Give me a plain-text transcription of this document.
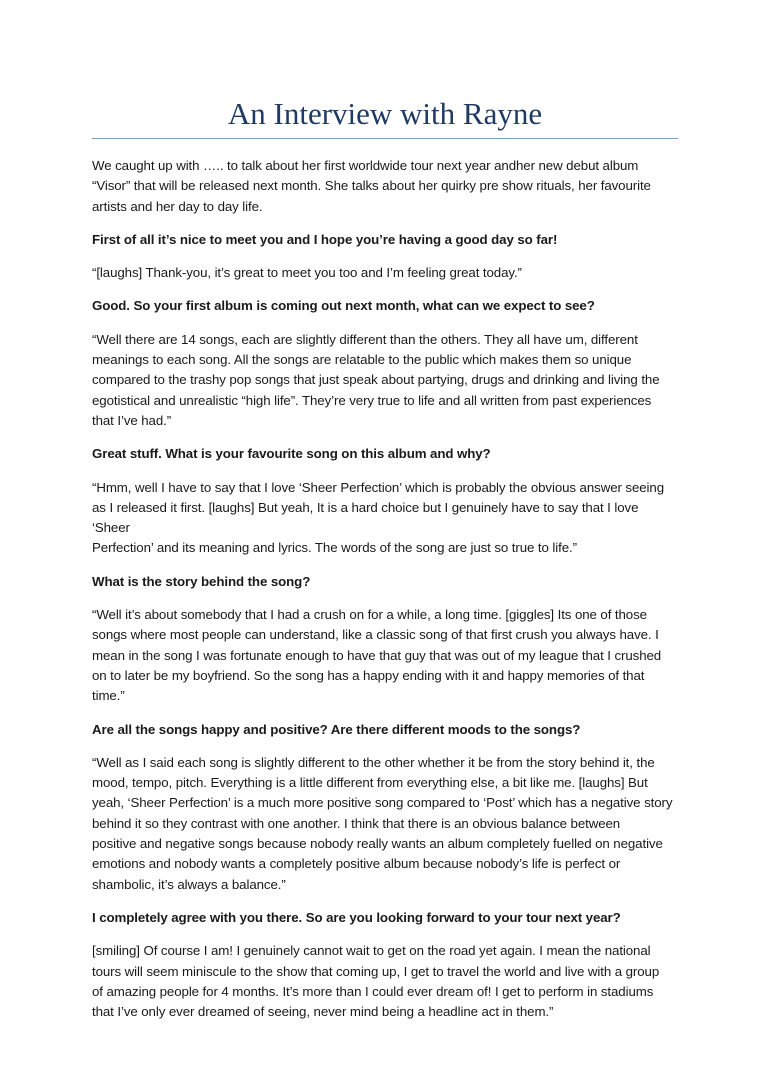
An Interview with Rayne

We caught up with ….. to talk about her first worldwide tour next year andher new debut album
“Visor” that will be released next month. She talks about her quirky pre show rituals, her favourite
artists and her day to day life.

First of all it’s nice to meet you and I hope you’re having a good day so far!

“[laughs] Thank-you, it’s great to meet you too and I’m feeling great today.”

Good. So your first album is coming out next month, what can we expect to see?

“Well there are 14 songs, each are slightly different than the others. They all have um, different
meanings to each song. All the songs are relatable to the public which makes them so unique
compared to the trashy pop songs that just speak about partying, drugs and drinking and living the
egotistical and unrealistic “high life”. They’re very true to life and all written from past experiences
that I’ve had.”

Great stuff. What is your favourite song on this album and why?

“Hmm, well I have to say that I love ‘Sheer Perfection’ which is probably the obvious answer seeing
as I released it first. [laughs] But yeah, It is a hard choice but I genuinely have to say that I love ‘Sheer
Perfection’ and its meaning and lyrics. The words of the song are just so true to life.”

What is the story behind the song?

“Well it’s about somebody that I had a crush on for a while, a long time. [giggles] Its one of those
songs where most people can understand, like a classic song of that first crush you always have. I
mean in the song I was fortunate enough to have that guy that was out of my league that I crushed
on to later be my boyfriend. So the song has a happy ending with it and happy memories of that
time.”

Are all the songs happy and positive? Are there different moods to the songs?

“Well as I said each song is slightly different to the other whether it be from the story behind it, the
mood, tempo, pitch. Everything is a little different from everything else, a bit like me. [laughs] But
yeah, ‘Sheer Perfection’ is a much more positive song compared to ‘Post’ which has a negative story
behind it so they contrast with one another. I think that there is an obvious balance between
positive and negative songs because nobody really wants an album completely fuelled on negative
emotions and nobody wants a completely positive album because nobody’s life is perfect or
shambolic, it’s always a balance.”

I completely agree with you there. So are you looking forward to your tour next year?

[smiling] Of course I am! I genuinely cannot wait to get on the road yet again. I mean the national
tours will seem miniscule to the show that coming up, I get to travel the world and live with a group
of amazing people for 4 months. It’s more than I could ever dream of! I get to perform in stadiums
that I’ve only ever dreamed of seeing, never mind being a headline act in them.”
